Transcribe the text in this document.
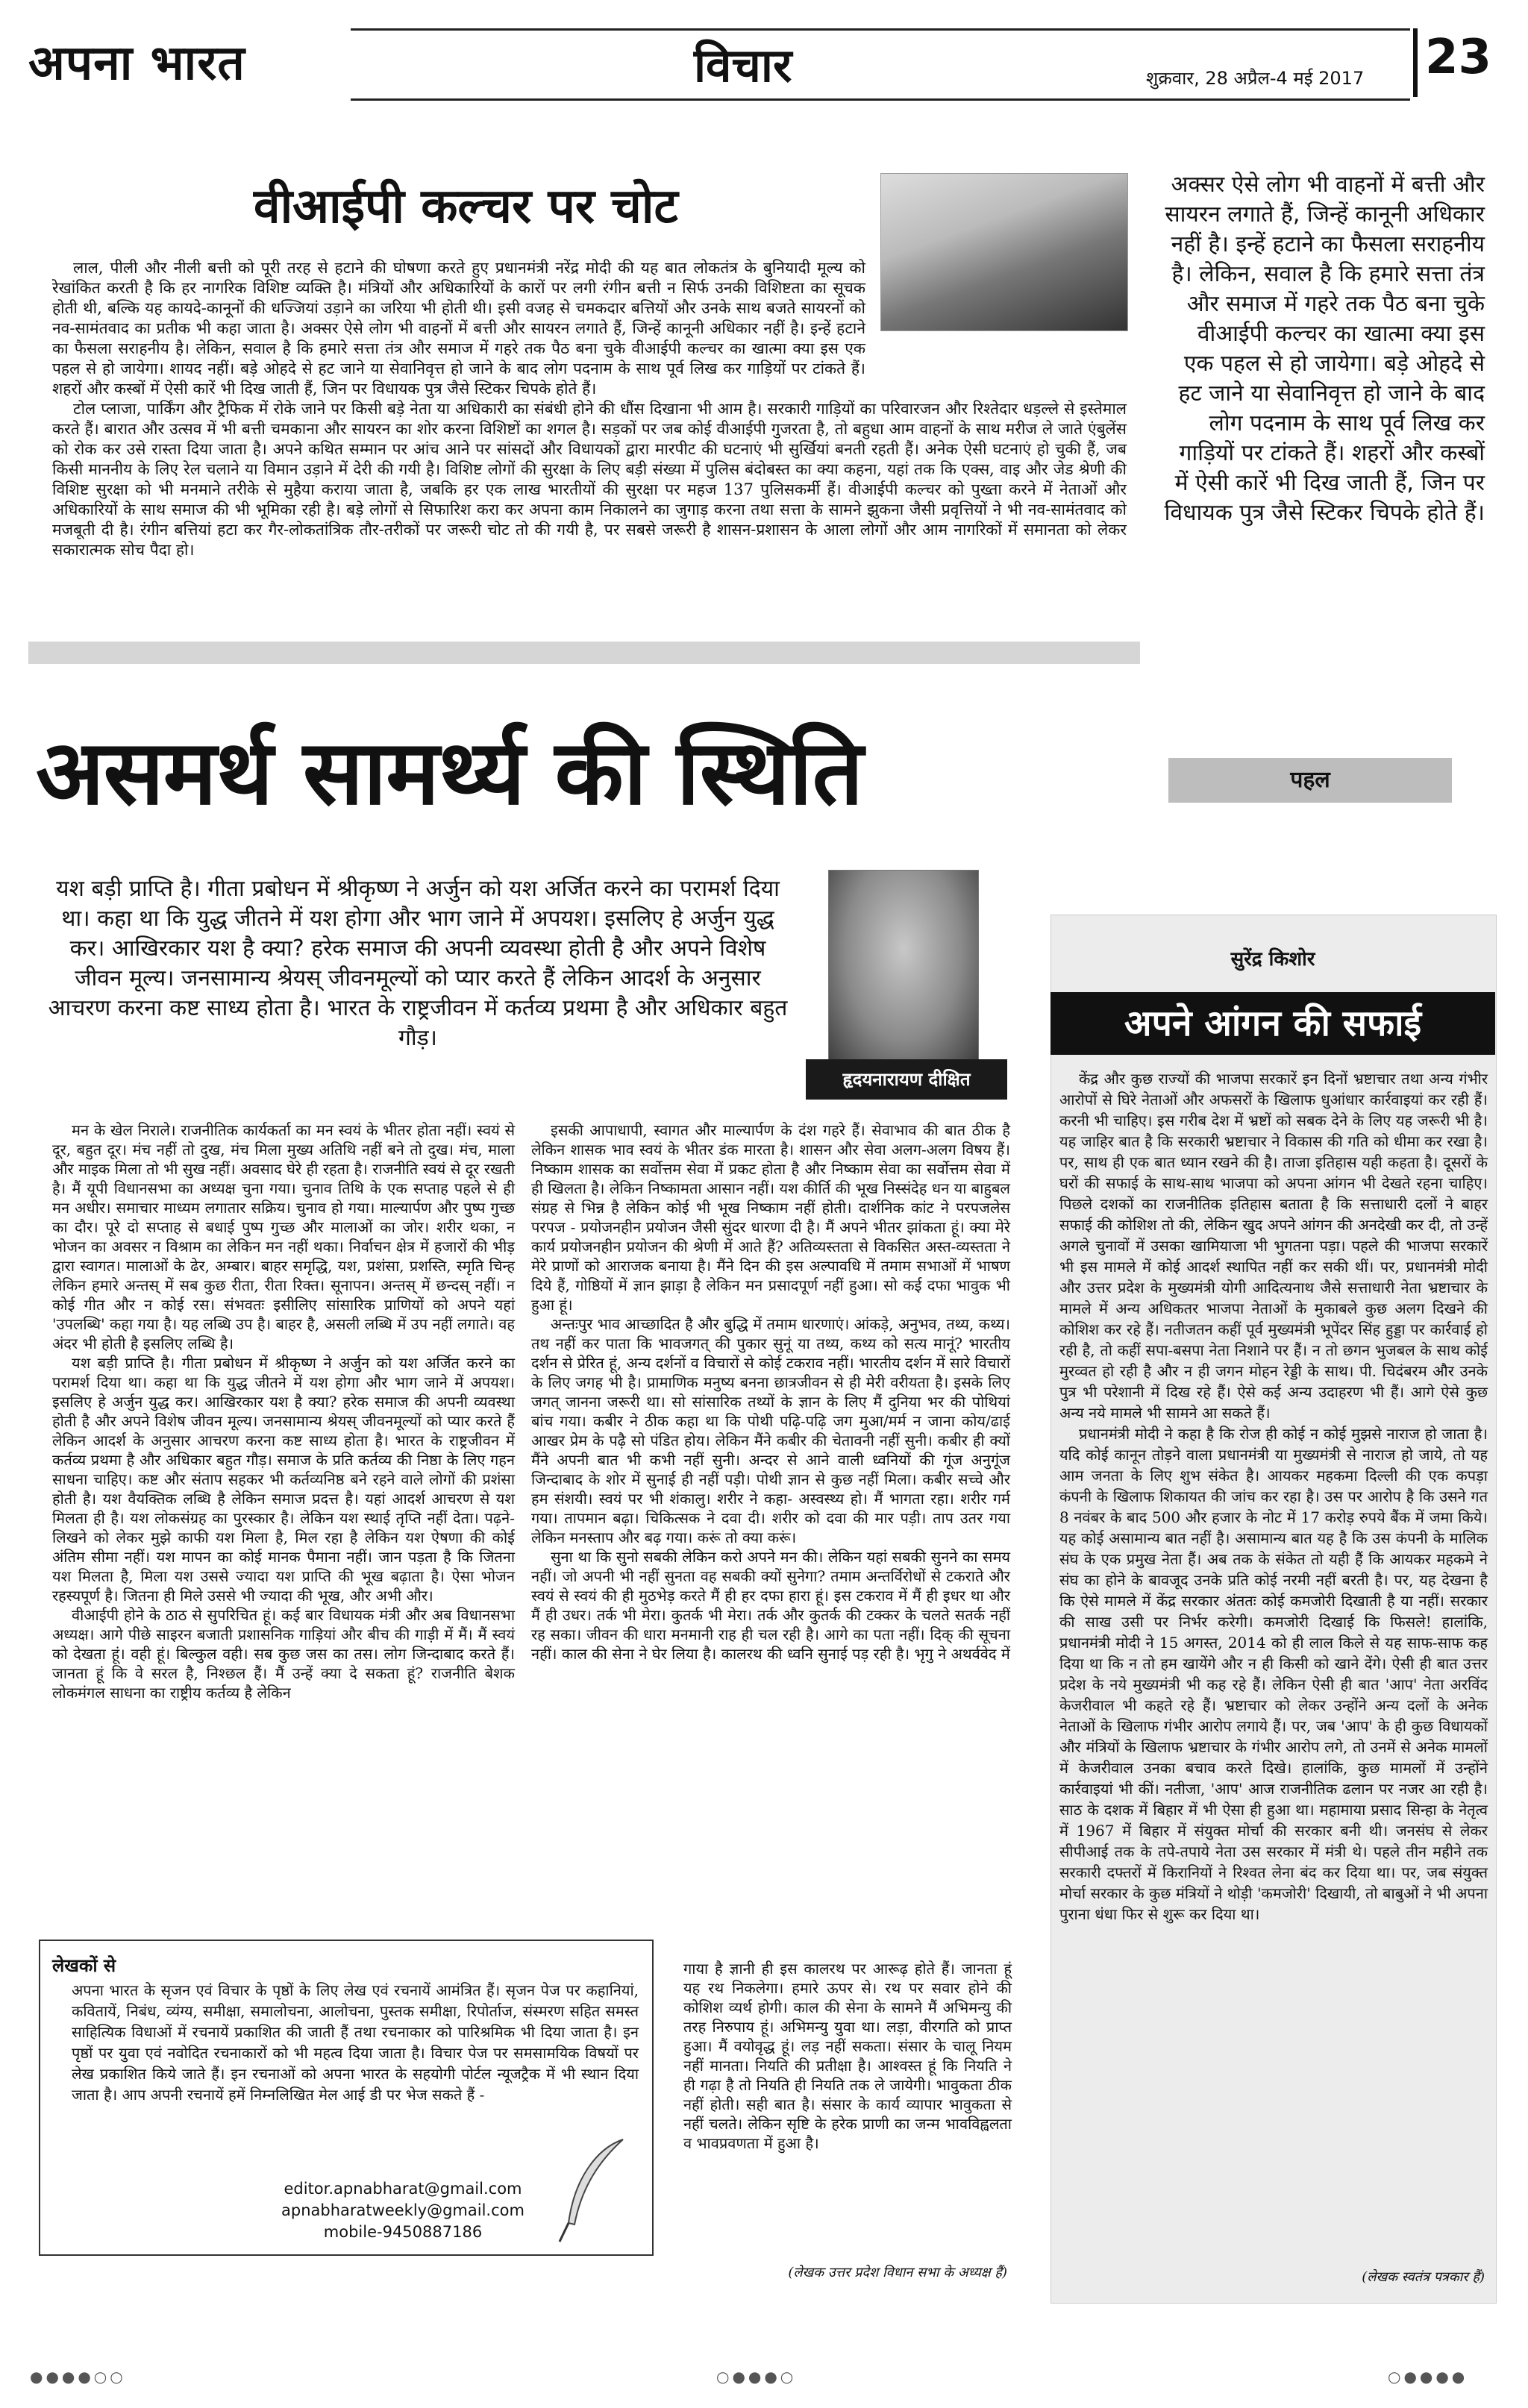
अपना भारत	विचार	शुक्रवार, 28 अप्रैल-4 मई 2017 23
वीआईपी कल्चर पर चोट

लाल, पीली और नीली बत्ती को पूरी तरह से हटाने की घोषणा करते हुए प्रधानमंत्री नरेंद्र मोदी की यह बात लोकतंत्र के बुनियादी मूल्य को रेखांकित करती है कि हर नागरिक विशिष्ट व्यक्ति है। मंत्रियों और अधिकारियों के कारों पर लगी रंगीन बत्ती न सिर्फ उनकी विशिष्टता का सूचक होती थी, बल्कि यह कायदे-कानूनों की धज्जियां उड़ाने का जरिया भी होती थी। इसी वजह से चमकदार बत्तियों और उनके साथ बजते सायरनों को नव-सामंतवाद का प्रतीक भी कहा जाता है। अक्सर ऐसे लोग भी वाहनों में बत्ती और सायरन लगाते हैं, जिन्हें कानूनी अधिकार नहीं है। इन्हें हटाने का फैसला सराहनीय है। लेकिन, सवाल है कि हमारे सत्ता तंत्र और समाज में गहरे तक पैठ बना चुके वीआईपी कल्चर का खात्मा क्या इस एक पहल से हो जायेगा। शायद नहीं। बड़े ओहदे से हट जाने या सेवानिवृत्त हो जाने के बाद लोग पदनाम के साथ पूर्व लिख कर गाड़ियों पर टांकते हैं। शहरों और कस्बों में ऐसी कारें भी दिख जाती हैं, जिन पर विधायक पुत्र जैसे स्टिकर चिपके होते हैं।

टोल प्लाजा, पार्किंग और ट्रैफिक में रोके जाने पर किसी बड़े नेता या अधिकारी का संबंधी होने की धौंस दिखाना भी आम है। सरकारी गाड़ियों का परिवारजन और रिश्तेदार धड़ल्ले से इस्तेमाल करते हैं। बारात और उत्सव में भी बत्ती चमकाना और सायरन का शोर करना विशिष्टों का शगल है। सड़कों पर जब कोई वीआईपी गुजरता है, तो बहुधा आम वाहनों के साथ मरीज ले जाते एंबुलेंस को रोक कर उसे रास्ता दिया जाता है। अपने कथित सम्मान पर आंच आने पर सांसदों और विधायकों द्वारा मारपीट की घटनाएं भी सुर्खियां बनती रहती हैं। अनेक ऐसी घटनाएं हो चुकी हैं, जब किसी माननीय के लिए रेल चलाने या विमान उड़ाने में देरी की गयी है। विशिष्ट लोगों की सुरक्षा के लिए बड़ी संख्या में पुलिस बंदोबस्त का क्या कहना, यहां तक कि एक्स, वाइ और जेड श्रेणी की विशिष्ट सुरक्षा को भी मनमाने तरीके से मुहैया कराया जाता है, जबकि हर एक लाख भारतीयों की सुरक्षा पर महज 137 पुलिसकर्मी हैं। वीआईपी कल्चर को पुख्ता करने में नेताओं और अधिकारियों के साथ समाज की भी भूमिका रही है। बड़े लोगों से सिफारिश करा कर अपना काम निकालने का जुगाड़ करना तथा सत्ता के सामने झुकना जैसी प्रवृत्तियों ने भी नव-सामंतवाद को मजबूती दी है। रंगीन बत्तियां हटा कर गैर-लोकतांत्रिक तौर-तरीकों पर जरूरी चोट तो की गयी है, पर सबसे जरूरी है शासन-प्रशासन के आला लोगों और आम नागरिकों में समानता को लेकर सकारात्मक सोच पैदा हो।

अक्सर ऐसे लोग भी वाहनों में बत्ती और सायरन लगाते हैं, जिन्हें कानूनी अधिकार नहीं है। इन्हें हटाने का फैसला सराहनीय है। लेकिन, सवाल है कि हमारे सत्ता तंत्र और समाज में गहरे तक पैठ बना चुके वीआईपी कल्चर का खात्मा क्या इस एक पहल से हो जायेगा। बड़े ओहदे से हट जाने या सेवानिवृत्त हो जाने के बाद लोग पदनाम के साथ पूर्व लिख कर गाड़ियों पर टांकते हैं। शहरों और कस्बों में ऐसी कारें भी दिख जाती हैं, जिन पर विधायक पुत्र जैसे स्टिकर चिपके होते हैं।
असमर्थ सामर्थ्य की स्थिति	पहल
यश बड़ी प्राप्ति है। गीता प्रबोधन में श्रीकृष्ण ने अर्जुन को यश अर्जित करने का परामर्श दिया था। कहा था कि युद्ध जीतने में यश होगा और भाग जाने में अपयश। इसलिए हे अर्जुन युद्ध कर। आखिरकार यश है क्या? हरेक समाज की अपनी व्यवस्था होती है और अपने विशेष जीवन मूल्य। जनसामान्य श्रेयस् जीवनमूल्यों को प्यार करते हैं लेकिन आदर्श के अनुसार आचरण करना कष्ट साध्य होता है। भारत के राष्ट्रजीवन में कर्तव्य प्रथमा है और अधिकार बहुत गौड़।
हृदयनारायण दीक्षित

मन के खेल निराले। राजनीतिक कार्यकर्ता का मन स्वयं के भीतर होता नहीं। स्वयं से दूर, बहुत दूर। मंच नहीं तो दुख, मंच मिला मुख्य अतिथि नहीं बने तो दुख। मंच, माला और माइक मिला तो भी सुख नहीं। अवसाद घेरे ही रहता है। राजनीति स्वयं से दूर रखती है। मैं यूपी विधानसभा का अध्यक्ष चुना गया। चुनाव तिथि के एक सप्ताह पहले से ही मन अधीर। समाचार माध्यम लगातार सक्रिय। चुनाव हो गया। माल्यार्पण और पुष्प गुच्छ का दौर। पूरे दो सप्ताह से बधाई पुष्प गुच्छ और मालाओं का जोर। शरीर थका, न भोजन का अवसर न विश्राम का लेकिन मन नहीं थका। निर्वाचन क्षेत्र में हजारों की भीड़ द्वारा स्वागत। मालाओं के ढेर, अम्बार। बाहर समृद्धि, यश, प्रशंसा, प्रशस्ति, स्मृति चिन्ह लेकिन हमारे अन्तस् में सब कुछ रीता, रीता रिक्त। सूनापन। अन्तस् में छन्दस् नहीं। न कोई गीत और न कोई रस। संभवतः इसीलिए सांसारिक प्राणियों को अपने यहां 'उपलब्धि' कहा गया है। यह लब्धि उप है। बाहर है, असली लब्धि में उप नहीं लगाते। वह अंदर भी होती है इसलिए लब्धि है।

यश बड़ी प्राप्ति है। गीता प्रबोधन में श्रीकृष्ण ने अर्जुन को यश अर्जित करने का परामर्श दिया था। कहा था कि युद्ध जीतने में यश होगा और भाग जाने में अपयश। इसलिए हे अर्जुन युद्ध कर। आखिरकार यश है क्या? हरेक समाज की अपनी व्यवस्था होती है और अपने विशेष जीवन मूल्य। जनसामान्य श्रेयस् जीवनमूल्यों को प्यार करते हैं लेकिन आदर्श के अनुसार आचरण करना कष्ट साध्य होता है। भारत के राष्ट्रजीवन में कर्तव्य प्रथमा है और अधिकार बहुत गौड़। समाज के प्रति कर्तव्य की निष्ठा के लिए गहन साधना चाहिए। कष्ट और संताप सहकर भी कर्तव्यनिष्ठ बने रहने वाले लोगों की प्रशंसा होती है। यश वैयक्तिक लब्धि है लेकिन समाज प्रदत्त है। यहां आदर्श आचरण से यश मिलता ही है। यश लोकसंग्रह का पुरस्कार है। लेकिन यश स्थाई तृप्ति नहीं देता। पढ़ने-लिखने को लेकर मुझे काफी यश मिला है, मिल रहा है लेकिन यश ऐषणा की कोई अंतिम सीमा नहीं। यश मापन का कोई मानक पैमाना नहीं। जान पड़ता है कि जितना यश मिलता है, मिला यश उससे ज्यादा यश प्राप्ति की भूख बढ़ाता है। ऐसा भोजन रहस्यपूर्ण है। जितना ही मिले उससे भी ज्यादा की भूख, और अभी और।

वीआईपी होने के ठाठ से सुपरिचित हूं। कई बार विधायक मंत्री और अब विधानसभा अध्यक्ष। आगे पीछे साइरन बजाती प्रशासनिक गाड़ियां और बीच की गाड़ी में मैं। मैं स्वयं को देखता हूं। वही हूं। बिल्कुल वही। सब कुछ जस का तस। लोग जिन्दाबाद करते हैं। जानता हूं कि वे सरल है, निश्छल हैं। मैं उन्हें क्या दे सकता हूं? राजनीति बेशक लोकमंगल साधना का राष्ट्रीय कर्तव्य है लेकिन

इसकी आपाधापी, स्वागत और माल्यार्पण के दंश गहरे हैं। सेवाभाव की बात ठीक है लेकिन शासक भाव स्वयं के भीतर डंक मारता है। शासन और सेवा अलग-अलग विषय हैं। निष्काम शासक का सर्वोत्तम सेवा में प्रकट होता है और निष्काम सेवा का सर्वोत्तम सेवा में ही खिलता है। लेकिन निष्कामता आसान नहीं। यश कीर्ति की भूख निस्संदेह धन या बाहुबल संग्रह से भिन्न है लेकिन कोई भी भूख निष्काम नहीं होती। दार्शनिक कांट ने परपजलेस परपज - प्रयोजनहीन प्रयोजन जैसी सुंदर धारणा दी है। मैं अपने भीतर झांकता हूं। क्या मेरे कार्य प्रयोजनहीन प्रयोजन की श्रेणी में आते हैं? अतिव्यस्तता से विकसित अस्त-व्यस्तता ने मेरे प्राणों को आराजक बनाया है। मैंने दिन की इस अल्पावधि में तमाम सभाओं में भाषण दिये हैं, गोष्ठियों में ज्ञान झाड़ा है लेकिन मन प्रसादपूर्ण नहीं हुआ। सो कई दफा भावुक भी हुआ हूं।

अन्तःपुर भाव आच्छादित है और बुद्धि में तमाम धारणाएं। आंकड़े, अनुभव, तथ्य, कथ्य। तथ नहीं कर पाता कि भावजगत् की पुकार सुनूं या तथ्य, कथ्य को सत्य मानूं? भारतीय दर्शन से प्रेरित हूं, अन्य दर्शनों व विचारों से कोई टकराव नहीं। भारतीय दर्शन में सारे विचारों के लिए जगह भी है। प्रामाणिक मनुष्य बनना छात्रजीवन से ही मेरी वरीयता है। इसके लिए जगत् जानना जरूरी था। सो सांसारिक तथ्यों के ज्ञान के लिए मैं दुनिया भर की पोथियां बांच गया। कबीर ने ठीक कहा था कि पोथी पढ़ि-पढ़ि जग मुआ/मर्म न जाना कोय/ढाई आखर प्रेम के पढ़ै सो पंडित होय। लेकिन मैंने कबीर की चेतावनी नहीं सुनी। कबीर ही क्यों मैंने अपनी बात भी कभी नहीं सुनी। अन्दर से आने वाली ध्वनियों की गूंज अनुगूंज जिन्दाबाद के शोर में सुनाई ही नहीं पड़ी। पोथी ज्ञान से कुछ नहीं मिला। कबीर सच्चे और हम संशयी। स्वयं पर भी शंकालु। शरीर ने कहा- अस्वस्थ्य हो। मैं भागता रहा। शरीर गर्म गया। तापमान बढ़ा। चिकित्सक ने दवा दी। शरीर को दवा की मार पड़ी। ताप उतर गया लेकिन मनस्ताप और बढ़ गया। करूं तो क्या करूं।

सुना था कि सुनो सबकी लेकिन करो अपने मन की। लेकिन यहां सबकी सुनने का समय नहीं। जो अपनी भी नहीं सुनता वह सबकी क्यों सुनेगा? तमाम अन्तर्विरोधों से टकराते और स्वयं से स्वयं की ही मुठभेड़ करते मैं ही हर दफा हारा हूं। इस टकराव में मैं ही इधर था और मैं ही उधर। तर्क भी मेरा। कुतर्क भी मेरा। तर्क और कुतर्क की टक्कर के चलते सतर्क नहीं रह सका। जीवन की धारा मनमानी राह ही चल रही है। आगे का पता नहीं। दिक् की सूचना नहीं। काल की सेना ने घेर लिया है। कालरथ की ध्वनि सुनाई पड़ रही है। भृगु ने अथर्ववेद में

गाया है ज्ञानी ही इस कालरथ पर आरूढ़ होते हैं। जानता हूं यह रथ निकलेगा। हमारे ऊपर से। रथ पर सवार होने की कोशिश व्यर्थ होगी। काल की सेना के सामने मैं अभिमन्यु की तरह निरुपाय हूं। अभिमन्यु युवा था। लड़ा, वीरगति को प्राप्त हुआ। मैं वयोवृद्ध हूं। लड़ नहीं सकता। संसार के चालू नियम नहीं मानता। नियति की प्रतीक्षा है। आश्वस्त हूं कि नियति ने ही गढ़ा है तो नियति ही नियति तक ले जायेगी। भावुकता ठीक नहीं होती। सही बात है। संसार के कार्य व्यापार भावुकता से नहीं चलते। लेकिन सृष्टि के हरेक प्राणी का जन्म भावविह्वलता व भावप्रवणता में हुआ है।
(लेखक उत्तर प्रदेश विधान सभा के अध्यक्ष हैं)
लेखकों से

अपना भारत के सृजन एवं विचार के पृष्ठों के लिए लेख एवं रचनायें आमंत्रित हैं। सृजन पेज पर कहानियां, कवितायें, निबंध, व्यंग्य, समीक्षा, समालोचना, आलोचना, पुस्तक समीक्षा, रिपोर्ताज, संस्मरण सहित समस्त साहित्यिक विधाओं में रचनायें प्रकाशित की जाती हैं तथा रचनाकार को पारिश्रमिक भी दिया जाता है। इन पृष्ठों पर युवा एवं नवोदित रचनाकारों को भी महत्व दिया जाता है। विचार पेज पर समसामयिक विषयों पर लेख प्रकाशित किये जाते हैं। इन रचनाओं को अपना भारत के सहयोगी पोर्टल न्यूजट्रैक में भी स्थान दिया जाता है। आप अपनी रचनायें हमें निम्नलिखित मेल आई डी पर भेज सकते हैं -

editor.apnabharat@gmail.com
apnabharatweekly@gmail.com
mobile-9450887186
सुरेंद्र किशोर
अपने आंगन की सफाई

केंद्र और कुछ राज्यों की भाजपा सरकारें इन दिनों भ्रष्टाचार तथा अन्य गंभीर आरोपों से घिरे नेताओं और अफसरों के खिलाफ धुआंधार कार्रवाइयां कर रही हैं। करनी भी चाहिए। इस गरीब देश में भ्रष्टों को सबक देने के लिए यह जरूरी भी है। यह जाहिर बात है कि सरकारी भ्रष्टाचार ने विकास की गति को धीमा कर रखा है। पर, साथ ही एक बात ध्यान रखने की है। ताजा इतिहास यही कहता है। दूसरों के घरों की सफाई के साथ-साथ भाजपा को अपना आंगन भी देखते रहना चाहिए। पिछले दशकों का राजनीतिक इतिहास बताता है कि सत्ताधारी दलों ने बाहर सफाई की कोशिश तो की, लेकिन खुद अपने आंगन की अनदेखी कर दी, तो उन्हें अगले चुनावों में उसका खामियाजा भी भुगतना पड़ा। पहले की भाजपा सरकारें भी इस मामले में कोई आदर्श स्थापित नहीं कर सकी थीं। पर, प्रधानमंत्री मोदी और उत्तर प्रदेश के मुख्यमंत्री योगी आदित्यनाथ जैसे सत्ताधारी नेता भ्रष्टाचार के मामले में अन्य अधिकतर भाजपा नेताओं के मुकाबले कुछ अलग दिखने की कोशिश कर रहे हैं। नतीजतन कहीं पूर्व मुख्यमंत्री भूपेंदर सिंह हुड्डा पर कार्रवाई हो रही है, तो कहीं सपा-बसपा नेता निशाने पर हैं। न तो छगन भुजबल के साथ कोई मुरव्वत हो रही है और न ही जगन मोहन रेड्डी के साथ। पी. चिदंबरम और उनके पुत्र भी परेशानी में दिख रहे हैं। ऐसे कई अन्य उदाहरण भी हैं। आगे ऐसे कुछ अन्य नये मामले भी सामने आ सकते हैं।

प्रधानमंत्री मोदी ने कहा है कि रोज ही कोई न कोई मुझसे नाराज हो जाता है। यदि कोई कानून तोड़ने वाला प्रधानमंत्री या मुख्यमंत्री से नाराज हो जाये, तो यह आम जनता के लिए शुभ संकेत है। आयकर महकमा दिल्ली की एक कपड़ा कंपनी के खिलाफ शिकायत की जांच कर रहा है। उस पर आरोप है कि उसने गत 8 नवंबर के बाद 500 और हजार के नोट में 17 करोड़ रुपये बैंक में जमा किये। यह कोई असामान्य बात नहीं है। असामान्य बात यह है कि उस कंपनी के मालिक संघ के एक प्रमुख नेता हैं। अब तक के संकेत तो यही हैं कि आयकर महकमे ने संघ का होने के बावजूद उनके प्रति कोई नरमी नहीं बरती है। पर, यह देखना है कि ऐसे मामले में केंद्र सरकार अंततः कोई कमजोरी दिखाती है या नहीं। सरकार की साख उसी पर निर्भर करेगी। कमजोरी दिखाई कि फिसले! हालांकि, प्रधानमंत्री मोदी ने 15 अगस्त, 2014 को ही लाल किले से यह साफ-साफ कह दिया था कि न तो हम खायेंगे और न ही किसी को खाने देंगे। ऐसी ही बात उत्तर प्रदेश के नये मुख्यमंत्री भी कह रहे हैं। लेकिन ऐसी ही बात 'आप' नेता अरविंद केजरीवाल भी कहते रहे हैं। भ्रष्टाचार को लेकर उन्होंने अन्य दलों के अनेक नेताओं के खिलाफ गंभीर आरोप लगाये हैं। पर, जब 'आप' के ही कुछ विधायकों और मंत्रियों के खिलाफ भ्रष्टाचार के गंभीर आरोप लगे, तो उनमें से अनेक मामलों में केजरीवाल उनका बचाव करते दिखे। हालांकि, कुछ मामलों में उन्होंने कार्रवाइयां भी कीं। नतीजा, 'आप' आज राजनीतिक ढलान पर नजर आ रही है। साठ के दशक में बिहार में भी ऐसा ही हुआ था। महामाया प्रसाद सिन्हा के नेतृत्व में 1967 में बिहार में संयुक्त मोर्चा की सरकार बनी थी। जनसंघ से लेकर सीपीआई तक के तपे-तपाये नेता उस सरकार में मंत्री थे। पहले तीन महीने तक सरकारी दफ्तरों में किरानियों ने रिश्वत लेना बंद कर दिया था। पर, जब संयुक्त मोर्चा सरकार के कुछ मंत्रियों ने थोड़ी 'कमजोरी' दिखायी, तो बाबुओं ने भी अपना पुराना धंधा फिर से शुरू कर दिया था।

(लेखक स्वतंत्र पत्रकार हैं)
●●●●○○	○●●●○	○●●●●
